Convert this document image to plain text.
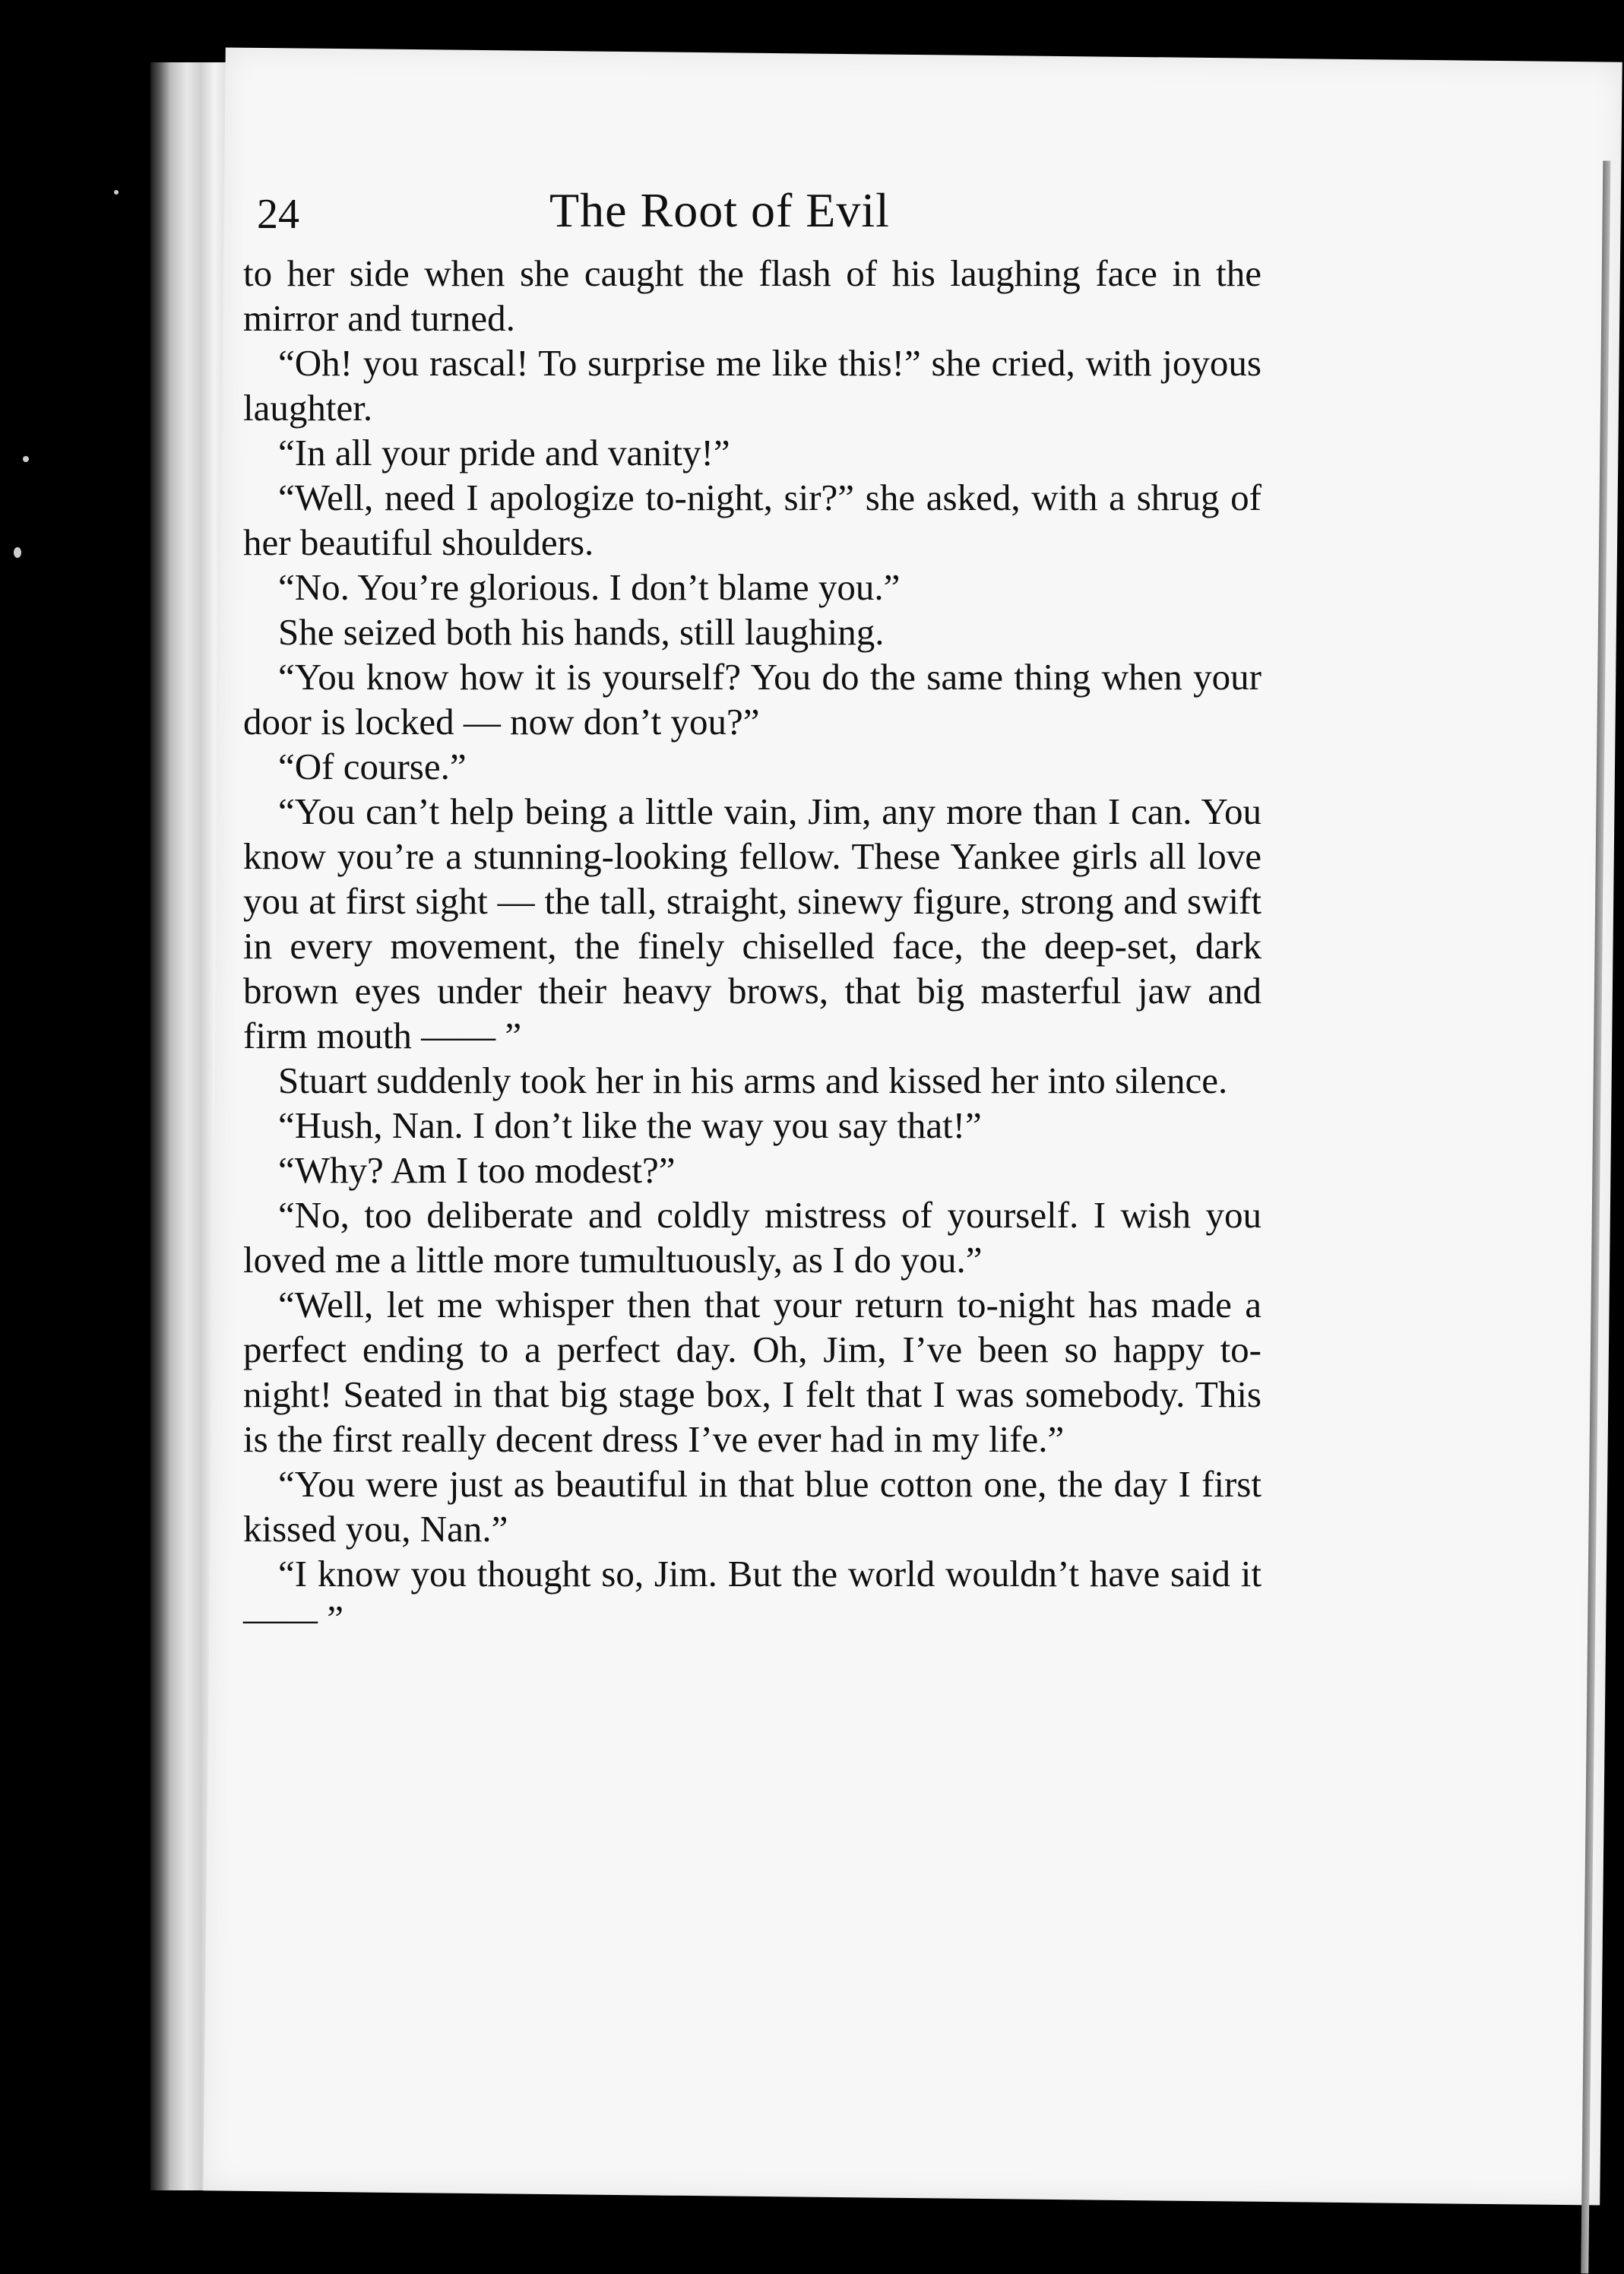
24	The Root of Evil

to her side when she caught the flash of his laughing face in the mirror and turned.

“Oh! you rascal! To surprise me like this!” she cried, with joyous laughter.

“In all your pride and vanity!”

“Well, need I apologize to-night, sir?” she asked, with a shrug of her beautiful shoulders.

“No. You’re glorious. I don’t blame you.”

She seized both his hands, still laughing.

“You know how it is yourself? You do the same thing when your door is locked — now don’t you?”

“Of course.”

“You can’t help being a little vain, Jim, any more than I can. You know you’re a stunning-looking fellow. These Yankee girls all love you at first sight — the tall, straight, sinewy figure, strong and swift in every movement, the finely chiselled face, the deep-set, dark brown eyes under their heavy brows, that big masterful jaw and firm mouth —— ”

Stuart suddenly took her in his arms and kissed her into silence.

“Hush, Nan. I don’t like the way you say that!”

“Why? Am I too modest?”

“No, too deliberate and coldly mistress of yourself. I wish you loved me a little more tumultuously, as I do you.”

“Well, let me whisper then that your return to-night has made a perfect ending to a perfect day. Oh, Jim, I’ve been so happy to-night! Seated in that big stage box, I felt that I was somebody. This is the first really decent dress I’ve ever had in my life.”

“You were just as beautiful in that blue cotton one, the day I first kissed you, Nan.”

“I know you thought so, Jim. But the world wouldn’t have said it —— ”
